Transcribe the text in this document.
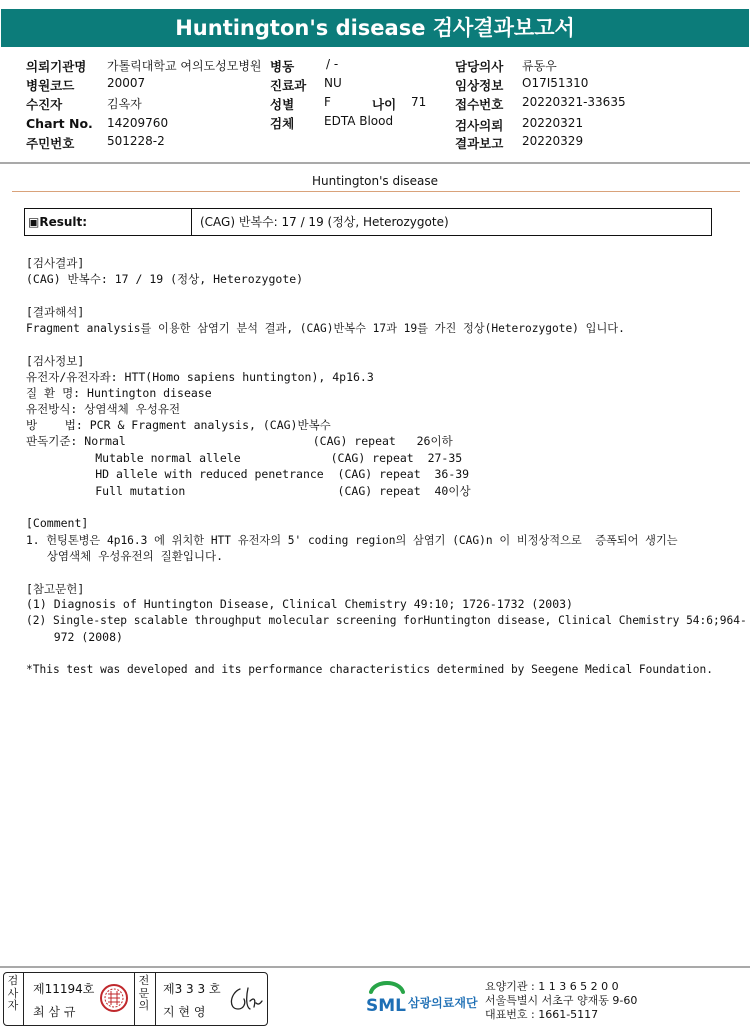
Huntington's disease 검사결과보고서
의뢰기관명 가톨릭대학교 여의도성모병원
병원코드	20007
수진자	김옥자
Chart No. 14209760
주민번호	501228-2
병동	/ -
진료과 NU
성별 F	나이 71
검체 EDTA Blood
담당의사 류동우
임상정보 O17I51310
접수번호 20220321-33635
검사의뢰 20220321
결과보고 20220329
Huntington's disease
▣Result:	(CAG) 반복수: 17 / 19 (정상, Heterozygote)
[검사결과]
(CAG) 반복수: 17 / 19 (정상, Heterozygote)
[결과해석]
Fragment analysis를 이용한 삼염기 분석 결과, (CAG)반복수 17과 19를 가진 정상(Heterozygote) 입니다.
[검사정보]
유전자/유전자좌: HTT(Homo sapiens huntington), 4p16.3
질 환 명: Huntington disease
유전방식: 상염색체 우성유전
방    법: PCR & Fragment analysis, (CAG)반복수
판독기준: Normal                           (CAG) repeat   26이하
Mutable normal allele             (CAG) repeat  27-35
HD allele with reduced penetrance  (CAG) repeat  36-39
Full mutation                      (CAG) repeat  40이상
[Comment]
1. 헌팅톤병은 4p16.3 에 위치한 HTT 유전자의 5' coding region의 삼염기 (CAG)n 이 비정상적으로  증폭되어 생기는
상염색체 우성유전의 질환입니다.
[참고문헌]
(1) Diagnosis of Huntington Disease, Clinical Chemistry 49:10; 1726-1732 (2003)
(2) Single-step scalable throughput molecular screening forHuntington disease, Clinical Chemistry 54:6;964-
972 (2008)
*This test was developed and its performance characteristics determined by Seegene Medical Foundation.
검
사
자
제11194호
최 삼 규
전
문
의
제3 3 3 호
지 현 영	SML 삼광의료재단
요양기관 : 1 1 3 6 5 2 0 0
서울특별시 서초구 양재동 9-60
대표번호 : 1661-5117
